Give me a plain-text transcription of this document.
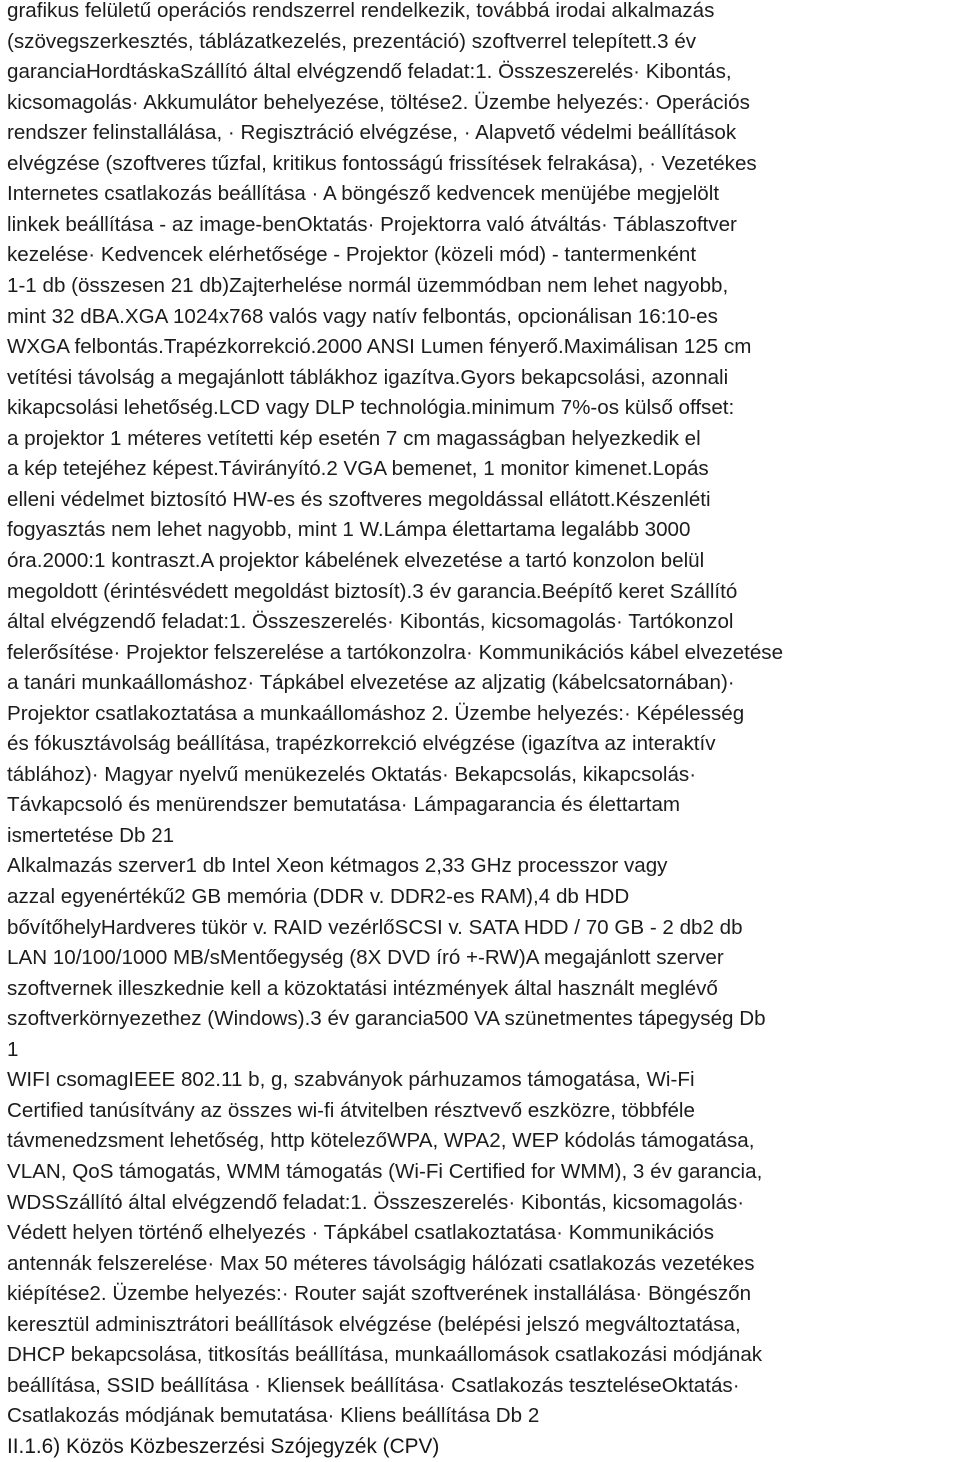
grafikus felületű operációs rendszerrel rendelkezik, továbbá irodai alkalmazás
(szövegszerkesztés, táblázatkezelés, prezentáció) szoftverrel telepített.3 év
garanciaHordtáskaSzállító által elvégzendő feladat:1. Összeszerelés· Kibontás,
kicsomagolás· Akkumulátor behelyezése, töltése2. Üzembe helyezés:· Operációs
rendszer felinstallálása, · Regisztráció elvégzése, · Alapvető védelmi beállítások
elvégzése (szoftveres tűzfal, kritikus fontosságú frissítések felrakása), · Vezetékes
Internetes csatlakozás beállítása · A böngésző kedvencek menüjébe megjelölt
linkek beállítása - az image-benOktatás· Projektorra való átváltás· Táblaszoftver
kezelése· Kedvencek elérhetősége - Projektor (közeli mód) - tantermenként
1-1 db (összesen 21 db)Zajterhelése normál üzemmódban nem lehet nagyobb,
mint 32 dBA.XGA 1024x768 valós vagy natív felbontás, opcionálisan 16:10-es
WXGA felbontás.Trapézkorrekció.2000 ANSI Lumen fényerő.Maximálisan 125 cm
vetítési távolság a megajánlott táblákhoz igazítva.Gyors bekapcsolási, azonnali
kikapcsolási lehetőség.LCD vagy DLP technológia.minimum 7%-os külső offset:
a projektor 1 méteres vetítetti kép esetén 7 cm magasságban helyezkedik el
a kép tetejéhez képest.Távirányító.2 VGA bemenet, 1 monitor kimenet.Lopás
elleni védelmet biztosító HW-es és szoftveres megoldással ellátott.Készenléti
fogyasztás nem lehet nagyobb, mint 1 W.Lámpa élettartama legalább 3000
óra.2000:1 kontraszt.A projektor kábelének elvezetése a tartó konzolon belül
megoldott (érintésvédett megoldást biztosít).3 év garancia.Beépítő keret Szállító
által elvégzendő feladat:1. Összeszerelés· Kibontás, kicsomagolás· Tartókonzol
felerősítése· Projektor felszerelése a tartókonzolra· Kommunikációs kábel elvezetése
a tanári munkaállomáshoz· Tápkábel elvezetése az aljzatig (kábelcsatornában)·
Projektor csatlakoztatása a munkaállomáshoz 2. Üzembe helyezés:· Képélesség
és fókusztávolság beállítása, trapézkorrekció elvégzése (igazítva az interaktív
táblához)· Magyar nyelvű menükezelés Oktatás· Bekapcsolás, kikapcsolás·
Távkapcsoló és menürendszer bemutatása· Lámpagarancia és élettartam
ismertetése Db 21
Alkalmazás szerver1 db Intel Xeon kétmagos 2,33 GHz processzor vagy
azzal egyenértékű2 GB memória (DDR v. DDR2-es RAM),4 db HDD
bővítőhelyHardveres tükör v. RAID vezérlőSCSI v. SATA HDD / 70 GB - 2 db2 db
LAN 10/100/1000 MB/sMentőegység (8X DVD író +-RW)A megajánlott szerver
szoftvernek illeszkednie kell a közoktatási intézmények által használt meglévő
szoftverkörnyezethez (Windows).3 év garancia500 VA szünetmentes tápegység Db
1
WIFI csomagIEEE 802.11 b, g, szabványok párhuzamos támogatása, Wi-Fi
Certified tanúsítvány az összes wi-fi átvitelben résztvevő eszközre, többféle
távmenedzsment lehetőség, http kötelezőWPA, WPA2, WEP kódolás támogatása,
VLAN, QoS támogatás, WMM támogatás (Wi-Fi Certified for WMM), 3 év garancia,
WDSSzállító által elvégzendő feladat:1. Összeszerelés· Kibontás, kicsomagolás·
Védett helyen történő elhelyezés · Tápkábel csatlakoztatása· Kommunikációs
antennák felszerelése· Max 50 méteres távolságig hálózati csatlakozás vezetékes
kiépítése2. Üzembe helyezés:· Router saját szoftverének installálása· Böngészőn
keresztül adminisztrátori beállítások elvégzése (belépési jelszó megváltoztatása,
DHCP bekapcsolása, titkosítás beállítása, munkaállomások csatlakozási módjának
beállítása, SSID beállítása · Kliensek beállítása· Csatlakozás teszteléseOktatás·
Csatlakozás módjának bemutatása· Kliens beállítása Db 2
II.1.6) Közös Közbeszerzési Szójegyzék (CPV)
